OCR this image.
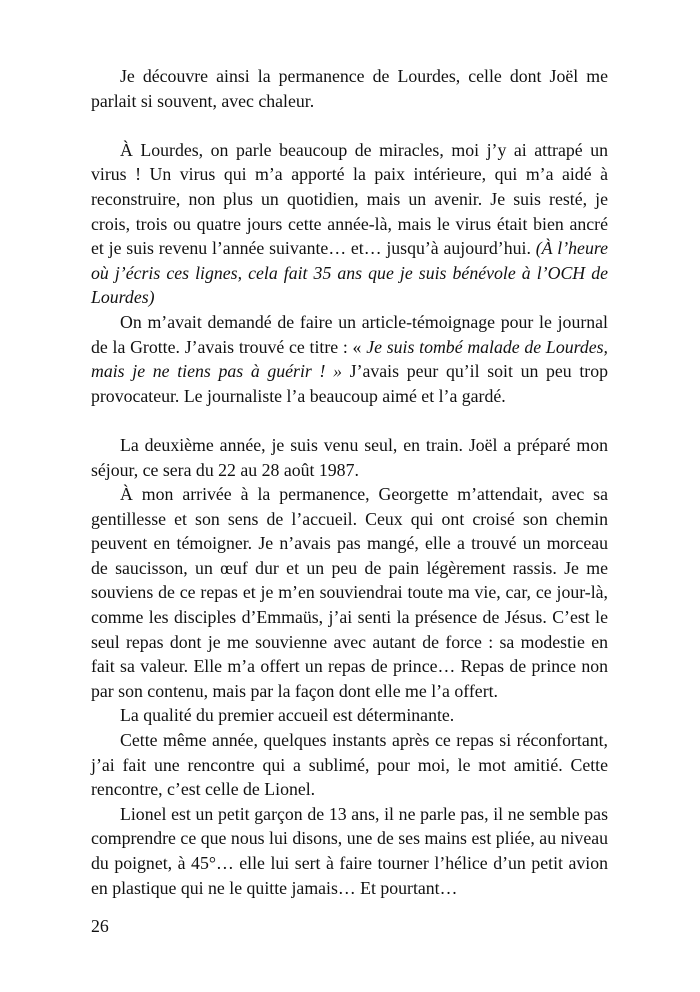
Je découvre ainsi la permanence de Lourdes, celle dont Joël me parlait si souvent, avec chaleur.

À Lourdes, on parle beaucoup de miracles, moi j’y ai attrapé un virus ! Un virus qui m’a apporté la paix intérieure, qui m’a aidé à reconstruire, non plus un quotidien, mais un avenir. Je suis resté, je crois, trois ou quatre jours cette année-là, mais le virus était bien ancré et je suis revenu l’année suivante… et… jusqu’à aujourd’hui. (À l’heure où j’écris ces lignes, cela fait 35 ans que je suis bénévole à l’OCH de Lourdes)

On m’avait demandé de faire un article-témoignage pour le journal de la Grotte. J’avais trouvé ce titre : « Je suis tombé malade de Lourdes, mais je ne tiens pas à guérir ! » J’avais peur qu’il soit un peu trop provocateur. Le journaliste l’a beaucoup aimé et l’a gardé.

La deuxième année, je suis venu seul, en train. Joël a préparé mon séjour, ce sera du 22 au 28 août 1987.

À mon arrivée à la permanence, Georgette m’attendait, avec sa gentillesse et son sens de l’accueil. Ceux qui ont croisé son chemin peuvent en témoigner. Je n’avais pas mangé, elle a trouvé un morceau de saucisson, un œuf dur et un peu de pain légèrement rassis. Je me souviens de ce repas et je m’en souviendrai toute ma vie, car, ce jour-là, comme les disciples d’Emmaüs, j’ai senti la présence de Jésus. C’est le seul repas dont je me souvienne avec autant de force : sa modestie en fait sa valeur. Elle m’a offert un repas de prince… Repas de prince non par son contenu, mais par la façon dont elle me l’a offert.

La qualité du premier accueil est déterminante.

Cette même année, quelques instants après ce repas si réconfortant, j’ai fait une rencontre qui a sublimé, pour moi, le mot amitié. Cette rencontre, c’est celle de Lionel.

Lionel est un petit garçon de 13 ans, il ne parle pas, il ne semble pas comprendre ce que nous lui disons, une de ses mains est pliée, au niveau du poignet, à 45°… elle lui sert à faire tourner l’hélice d’un petit avion en plastique qui ne le quitte jamais… Et pourtant…

26
